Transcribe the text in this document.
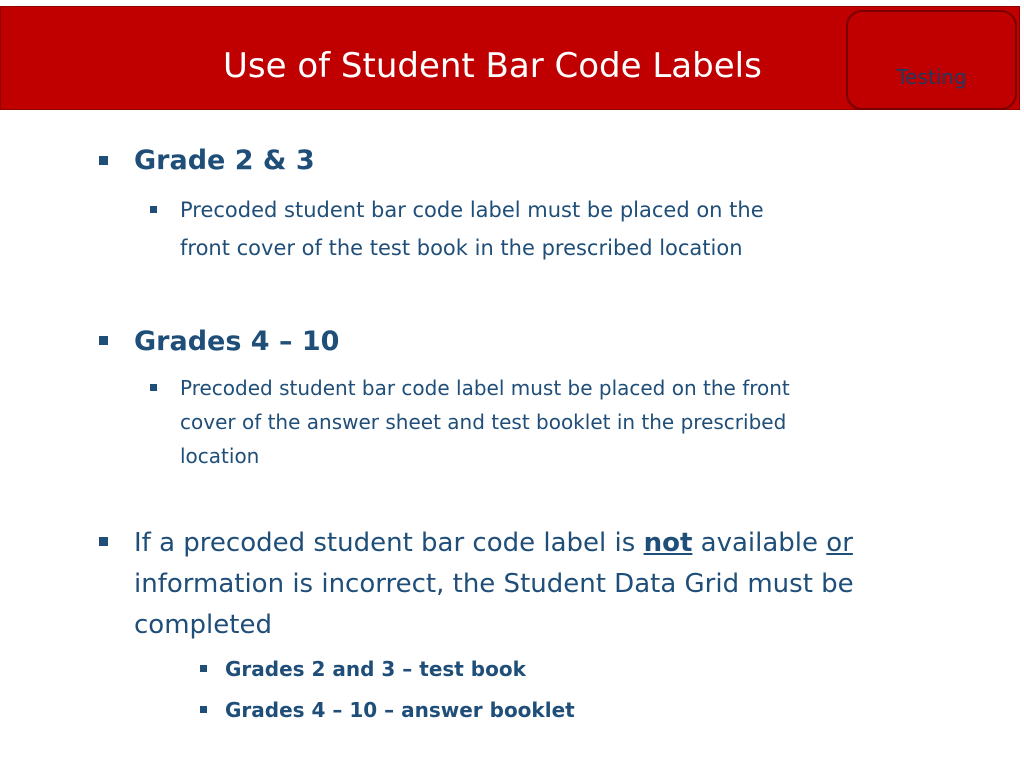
Use of Student Bar Code Labels	Testing
Grade 2 & 3
Precoded student bar code label must be placed on the
front cover of the test book in the prescribed location
Grades 4 – 10
Precoded student bar code label must be placed on the front
cover of the answer sheet and test booklet in the prescribed
location
If a precoded student bar code label is not available or
information is incorrect, the Student Data Grid must be
completed
Grades 2 and 3 – test book
Grades 4 – 10 – answer booklet
